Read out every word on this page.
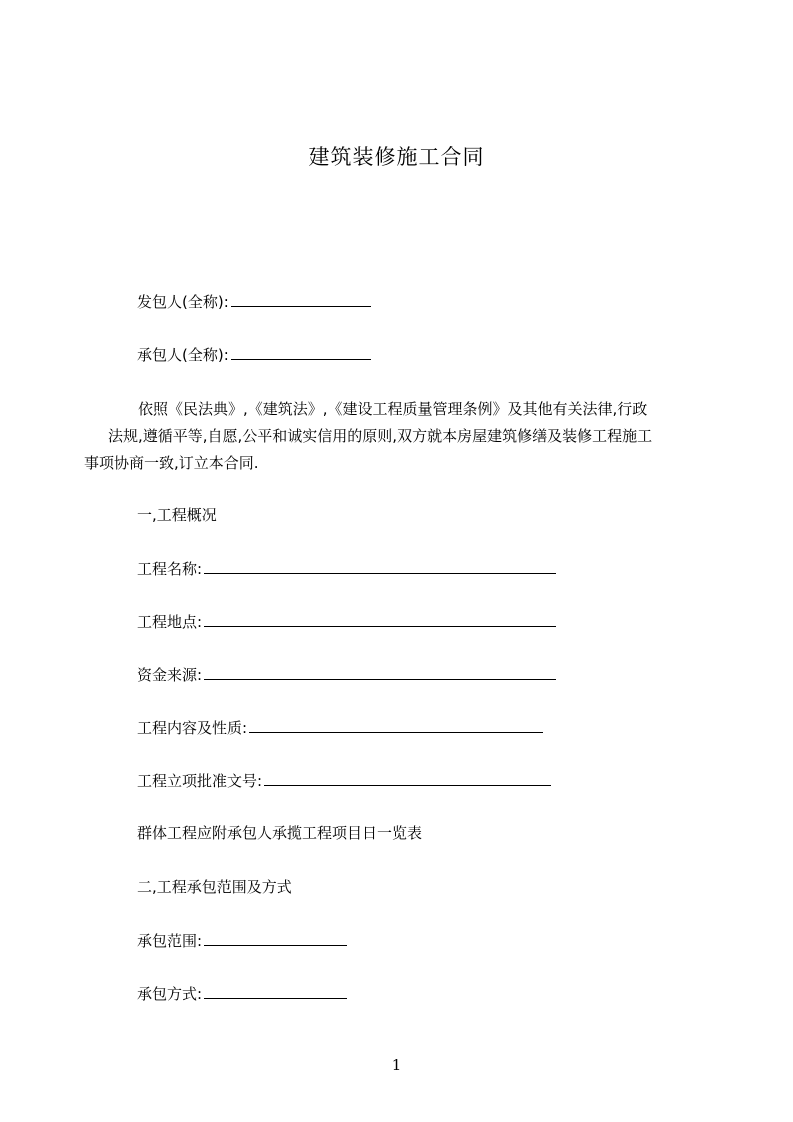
建筑装修施工合同
发包人(全称):
承包人(全称):
依照《民法典》,《建筑法》,《建设工程质量管理条例》及其他有关法律,行政
法规,遵循平等,自愿,公平和诚实信用的原则,双方就本房屋建筑修缮及装修工程施工
事项协商一致,订立本合同.
一,工程概况
工程名称:
工程地点:
资金来源:
工程内容及性质:
工程立项批准文号:
群体工程应附承包人承揽工程项目日一览表
二,工程承包范围及方式
承包范围:
承包方式:
1
